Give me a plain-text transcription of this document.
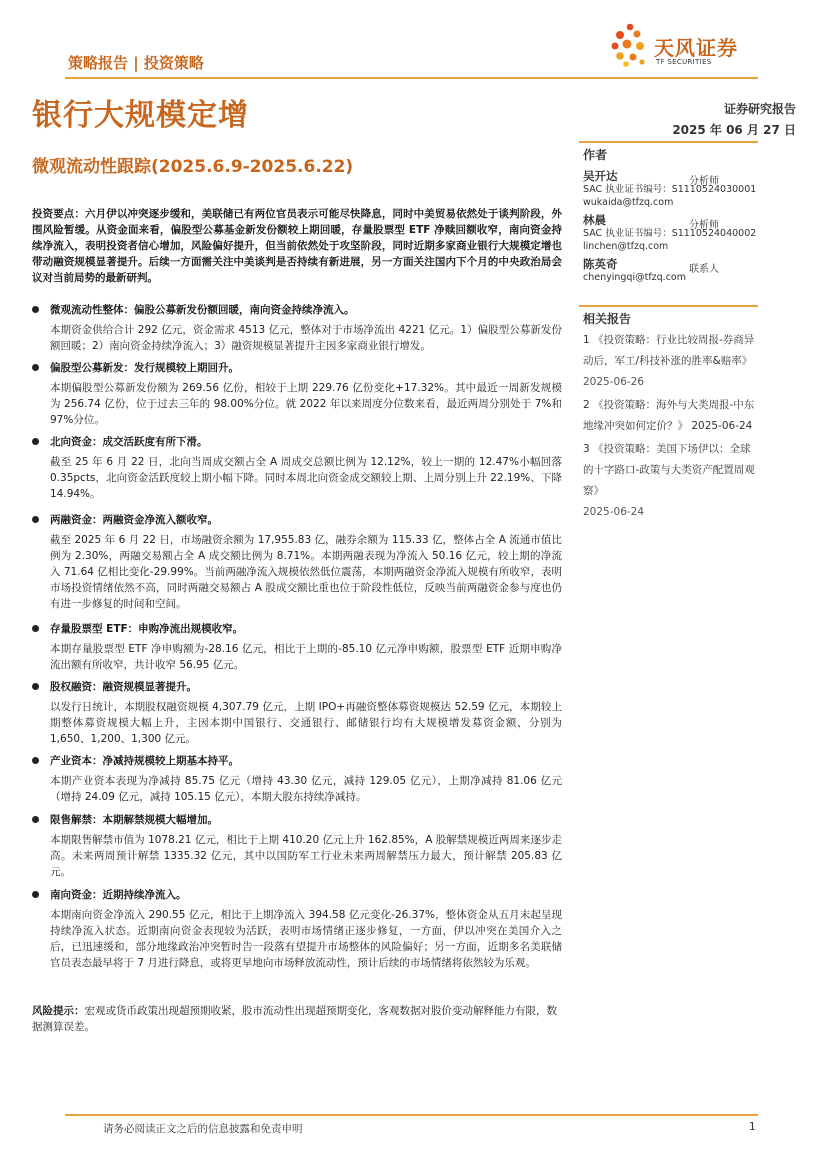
策略报告 | 投资策略
天风证券
TF SECURITIES
银行大规模定增
微观流动性跟踪(2025.6.9-2025.6.22)
证券研究报告
2025 年 06 月 27 日
作者
吴开达	分析师
SAC 执业证书编号：S1110524030001
wukaida@tfzq.com
林晨	分析师
SAC 执业证书编号：S1110524040002
linchen@tfzq.com
陈英奇	联系人
chenyingqi@tfzq.com
相关报告
1 《投资策略：行业比较周报-券商异动后，军工/科技补涨的胜率&赔率》
2025-06-26
2 《投资策略：海外与大类周报-中东地缘冲突如何定价？》 2025-06-24
3 《投资策略：美国下场伊以：全球的十字路口-政策与大类资产配置周观察》
2025-06-24
投资要点：六月伊以冲突逐步缓和，美联储已有两位官员表示可能尽快降息，同时中美贸易依然处于谈判阶段，外围风险暂缓。从资金面来看，偏股型公募基金新发份额较上期回暖，存量股票型 ETF 净赎回额收窄，南向资金持续净流入，表明投资者信心增加，风险偏好提升，但当前依然处于攻坚阶段，同时近期多家商业银行大规模定增也带动融资规模显著提升。后续一方面需关注中美谈判是否持续有新进展，另一方面关注国内下个月的中央政治局会议对当前局势的最新研判。
微观流动性整体：偏股公募新发份额回暖，南向资金持续净流入。
本期资金供给合计 292 亿元，资金需求 4513 亿元，整体对于市场净流出 4221 亿元。1）偏股型公募新发份额回暖；2）南向资金持续净流入；3）融资规模显著提升主因多家商业银行增发。
偏股型公募新发：发行规模较上期回升。
本期偏股型公募新发份额为 269.56 亿份，相较于上期 229.76 亿份变化+17.32%。其中最近一周新发规模为 256.74 亿份，位于过去三年的 98.00%分位。就 2022 年以来周度分位数来看，最近两周分别处于 7%和 97%分位。
北向资金：成交活跃度有所下滑。
截至 25 年 6 月 22 日，北向当周成交额占全 A 周成交总额比例为 12.12%，较上一期的 12.47%小幅回落 0.35pcts，北向资金活跃度较上期小幅下降。同时本周北向资金成交额较上期、上周分别上升 22.19%、下降 14.94%。
两融资金：两融资金净流入额收窄。
截至 2025 年 6 月 22 日，市场融资余额为 17,955.83 亿，融券余额为 115.33 亿，整体占全 A 流通市值比例为 2.30%，两融交易额占全 A 成交额比例为 8.71%。本期两融表现为净流入 50.16 亿元，较上期的净流入 71.64 亿相比变化-29.99%。当前两融净流入规模依然低位震荡，本期两融资金净流入规模有所收窄，表明市场投资情绪依然不高，同时两融交易额占 A 股成交额比重也位于阶段性低位，反映当前两融资金参与度也仍有进一步修复的时间和空间。
存量股票型 ETF：申购净流出规模收窄。
本期存量股票型 ETF 净申购额为-28.16 亿元，相比于上期的-85.10 亿元净申购额，股票型 ETF 近期申购净流出额有所收窄，共计收窄 56.95 亿元。
股权融资：融资规模显著提升。
以发行日统计，本期股权融资规模 4,307.79 亿元，上期 IPO+再融资整体募资规模达 52.59 亿元，本期较上期整体募资规模大幅上升，主因本期中国银行、交通银行、邮储银行均有大规模增发募资金额，分别为 1,650、1,200、1,300 亿元。
产业资本：净减持规模较上期基本持平。
本期产业资本表现为净减持 85.75 亿元（增持 43.30 亿元，减持 129.05 亿元），上期净减持 81.06 亿元（增持 24.09 亿元，减持 105.15 亿元），本期大股东持续净减持。
限售解禁：本期解禁规模大幅增加。
本期限售解禁市值为 1078.21 亿元，相比于上期 410.20 亿元上升 162.85%，A 股解禁规模近两周来逐步走高。未来两周预计解禁 1335.32 亿元，其中以国防军工行业未来两周解禁压力最大，预计解禁 205.83 亿元。
南向资金：近期持续净流入。
本期南向资金净流入 290.55 亿元，相比于上期净流入 394.58 亿元变化-26.37%，整体资金从五月末起呈现持续净流入状态。近期南向资金表现较为活跃，表明市场情绪正逐步修复，一方面，伊以冲突在美国介入之后，已迅速缓和，部分地缘政治冲突暂时告一段落有望提升市场整体的风险偏好；另一方面，近期多名美联储官员表态最早将于 7 月进行降息，或将更早地向市场释放流动性，预计后续的市场情绪将依然较为乐观。
风险提示：宏观或货币政策出现超预期收紧，股市流动性出现超预期变化，客观数据对股价变动解释能力有限，数据测算误差。
请务必阅读正文之后的信息披露和免责申明	1
